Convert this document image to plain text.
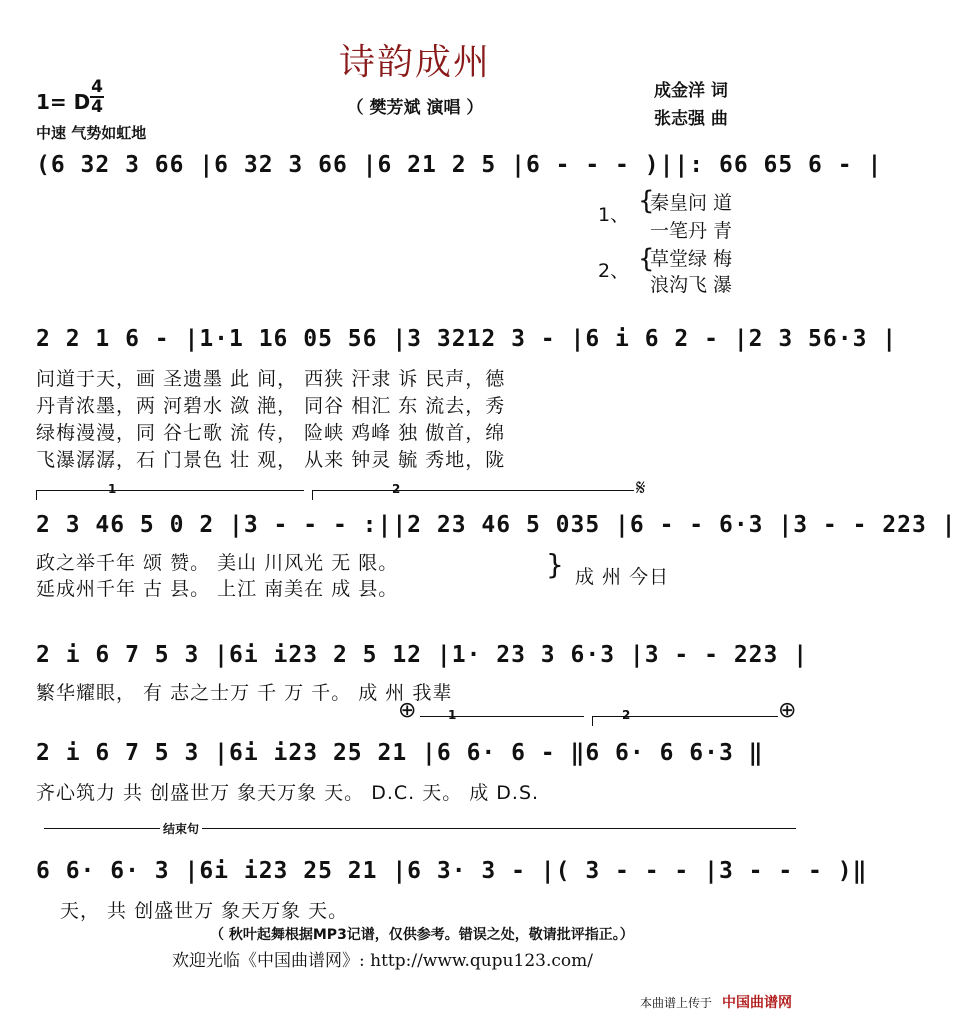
诗韵成州
（ 樊芳斌 演唱 ）
1= D $\frac{4}{4}$
中速 气势如虹地
成金洋 词
张志强 曲
(6 32 3 66 |6 32 3 66 |6 21 2 5 |6 - - - )||: 66 65 6 - |
1、
2、
{
{
秦皇问 道
一笔丹 青
草堂绿 梅
浪沟飞 瀑
2 2 1 6 - |1·1 16 05 56 |3 3212 3 - |6 i 6 2 - |2 3 56·3 |
问道于天，画 圣遗墨 此 间， 西狭 汗隶 诉 民声，德
丹青浓墨，两 河碧水 潋 滟， 同谷 相汇 东 流去，秀
绿梅漫漫，同 谷七歌 流 传， 险峡 鸡峰 独 傲首，绵
飞瀑潺潺，石 门景色 壮 观， 从来 钟灵 毓 秀地，陇
1	2	𝄋
2 3 46 5 0 2 |3 - - - :||2 23 46 5 035 |6 - - 6·3 |3 - - 223 |
政之举千年 颂 赞。 美山 川风光 无 限。
延成州千年 古 县。 上江 南美在 成 县。
} 成 州 今日
2 i 6 7 5 3 |6i i23 2 5 12 |1· 23 3 6·3 |3 - - 223 |
繁华耀眼， 有 志之士万 千 万 千。 成 州 我辈
⊕	1	2	⊕
2 i 6 7 5 3 |6i i23 25 21 |6 6· 6 - ‖6 6· 6 6·3 ‖
齐心筑力 共 创盛世万 象天万象 天。 D.C. 天。 成 D.S.
结束句
6 6· 6· 3 |6i i23 25 21 |6 3· 3 - |( 3 - - - |3 - - - )‖
天， 共 创盛世万 象天万象 天。
（ 秋叶起舞根据MP3记谱，仅供参考。错误之处，敬请批评指正。）
欢迎光临《中国曲谱网》: http://www.qupu123.com/
本曲谱上传于 中国曲谱网
